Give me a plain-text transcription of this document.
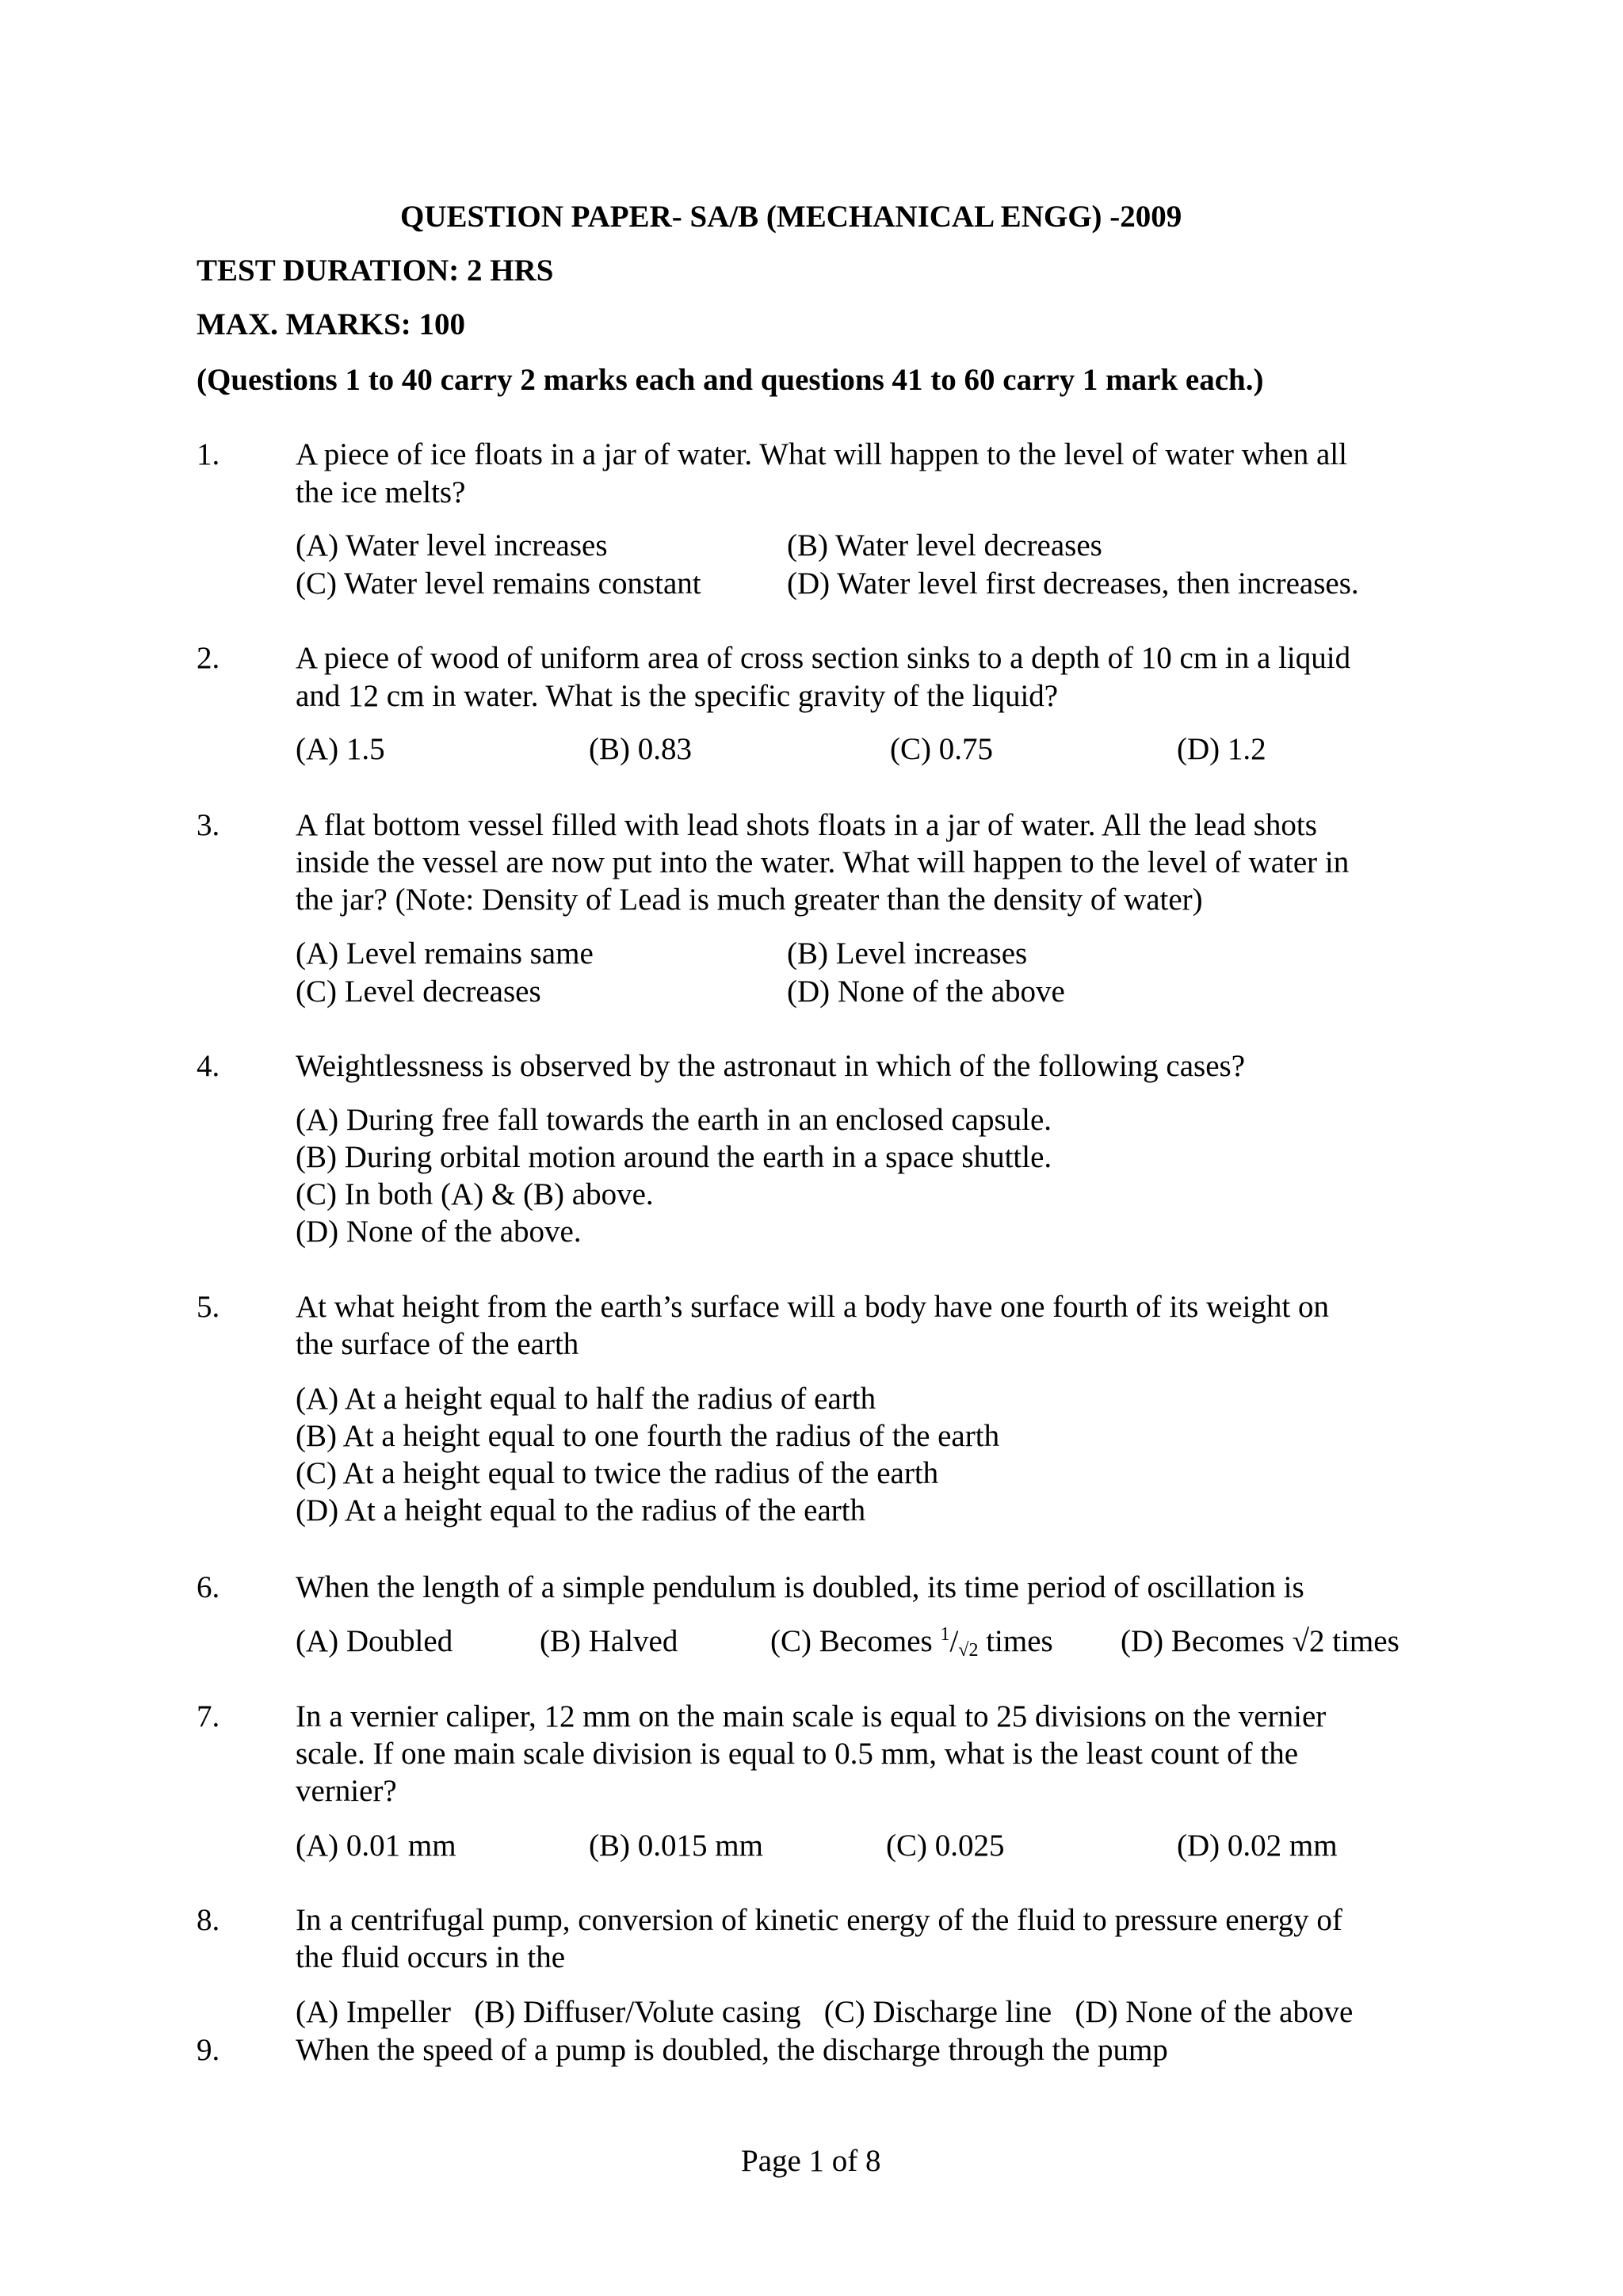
QUESTION PAPER- SA/B (MECHANICAL ENGG) -2009
TEST DURATION: 2 HRS
MAX. MARKS: 100
(Questions 1 to 40 carry 2 marks each and questions 41 to 60 carry 1 mark each.)
1. A piece of ice floats in a jar of water. What will happen to the level of water when all
the ice melts?
(A) Water level increases	(B) Water level decreases
(C) Water level remains constant	(D) Water level first decreases, then increases.
2. A piece of wood of uniform area of cross section sinks to a depth of 10 cm in a liquid
and 12 cm in water. What is the specific gravity of the liquid?
(A) 1.5	(B) 0.83	(C) 0.75	(D) 1.2
3. A flat bottom vessel filled with lead shots floats in a jar of water. All the lead shots
inside the vessel are now put into the water. What will happen to the level of water in
the jar? (Note: Density of Lead is much greater than the density of water)
(A) Level remains same	(B) Level increases
(C) Level decreases	(D) None of the above
4. Weightlessness is observed by the astronaut in which of the following cases?
(A) During free fall towards the earth in an enclosed capsule.
(B) During orbital motion around the earth in a space shuttle.
(C) In both (A) & (B) above.
(D) None of the above.
5. At what height from the earth’s surface will a body have one fourth of its weight on
the surface of the earth
(A) At a height equal to half the radius of earth
(B) At a height equal to one fourth the radius of the earth
(C) At a height equal to twice the radius of the earth
(D) At a height equal to the radius of the earth
6. When the length of a simple pendulum is doubled, its time period of oscillation is
(A) Doubled	(B) Halved	(C) Becomes $^1/_{√2}$ times (D) Becomes √2 times
7. In a vernier caliper, 12 mm on the main scale is equal to 25 divisions on the vernier
scale. If one main scale division is equal to 0.5 mm, what is the least count of the
vernier?
(A) 0.01 mm	(B) 0.015 mm	(C) 0.025	(D) 0.02 mm
8. In a centrifugal pump, conversion of kinetic energy of the fluid to pressure energy of
the fluid occurs in the
(A) Impeller   (B) Diffuser/Volute casing   (C) Discharge line   (D) None of the above
9. When the speed of a pump is doubled, the discharge through the pump
Page 1 of 8
